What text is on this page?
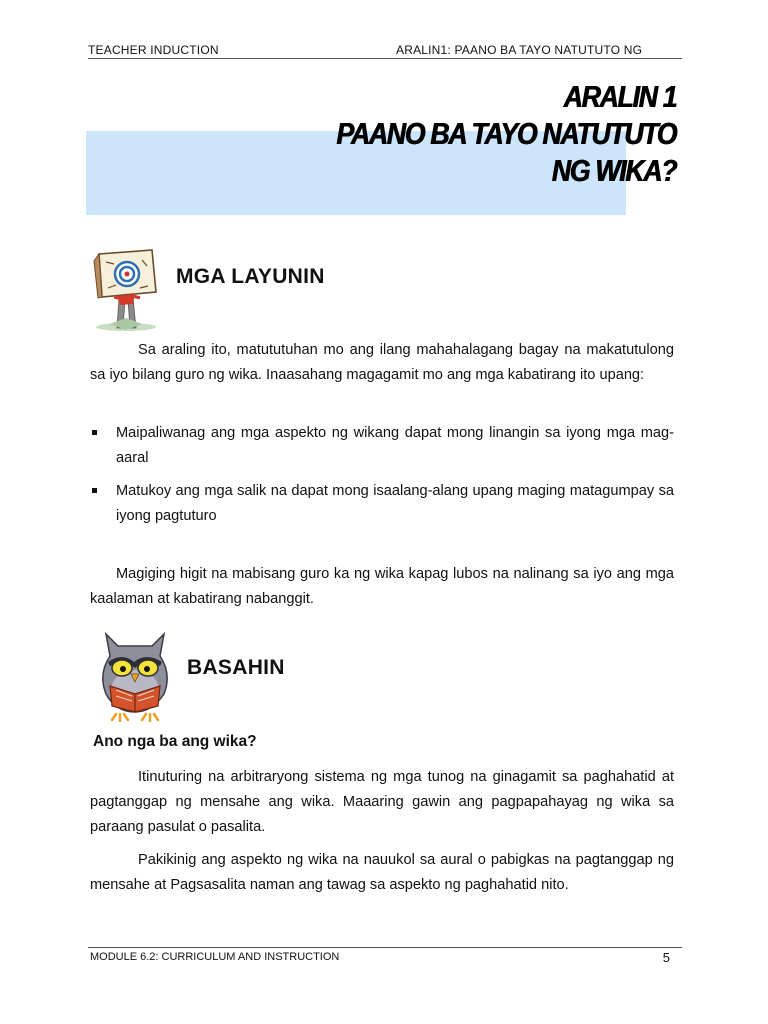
TEACHER INDUCTION	ARALIN1: PAANO BA TAYO NATUTUTO NG
ARALIN 1
PAANO BA TAYO NATUTUTO
NG WIKA?
MGA LAYUNIN
Sa araling ito, matututuhan mo ang ilang mahahalagang bagay na makatutulong sa iyo bilang guro ng wika. Inaasahang magagamit mo ang mga kabatirang ito upang:
Maipaliwanag ang mga aspekto ng wikang dapat mong linangin sa iyong mga mag-aaral
Matukoy ang mga salik na dapat mong isaalang-alang upang maging matagumpay sa iyong pagtuturo
Magiging higit na mabisang guro ka ng wika kapag lubos na nalinang sa iyo ang mga kaalaman at kabatirang nabanggit.
BASAHIN
Ano nga ba ang wika?
Itinuturing na arbitraryong sistema ng mga tunog na ginagamit sa paghahatid at pagtanggap ng mensahe ang wika. Maaaring gawin ang pagpapahayag ng wika sa paraang pasulat o pasalita.
Pakikinig ang aspekto ng wika na nauukol sa aural o pabigkas na pagtanggap ng mensahe at Pagsasalita naman ang tawag sa aspekto ng paghahatid nito.
MODULE 6.2: CURRICULUM AND INSTRUCTION	5
